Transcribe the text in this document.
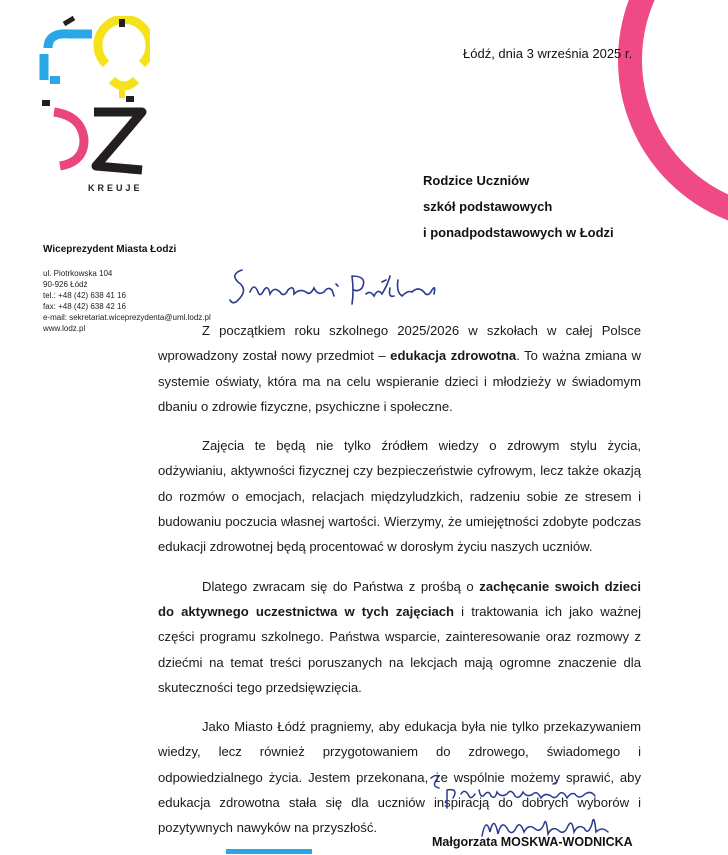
KREUJE
Łódź, dnia 3 września 2025 r.
Rodzice Uczniów
szkół podstawowych
i ponadpodstawowych w Łodzi
Wiceprezydent Miasta Łodzi
ul. Piotrkowska 104
90-926 Łódź
tel.: +48 (42) 638 41 16
fax: +48 (42) 638 42 16
e-mail: sekretariat.wiceprezydenta@uml.lodz.pl
www.lodz.pl	Z początkiem roku szkolnego 2025/2026 w szkołach w całej Polsce wprowadzony został nowy przedmiot – edukacja zdrowotna. To ważna zmiana w systemie oświaty, która ma na celu wspieranie dzieci i młodzieży w świadomym dbaniu o zdrowie fizyczne, psychiczne i społeczne.

Zajęcia te będą nie tylko źródłem wiedzy o zdrowym stylu życia, odżywianiu, aktywności fizycznej czy bezpieczeństwie cyfrowym, lecz także okazją do rozmów o emocjach, relacjach międzyludzkich, radzeniu sobie ze stresem i budowaniu poczucia własnej wartości. Wierzymy, że umiejętności zdobyte podczas edukacji zdrowotnej będą procentować w dorosłym życiu naszych uczniów.

Dlatego zwracam się do Państwa z prośbą o zachęcanie swoich dzieci do aktywnego uczestnictwa w tych zajęciach i traktowania ich jako ważnej części programu szkolnego. Państwa wsparcie, zainteresowanie oraz rozmowy z dziećmi na temat treści poruszanych na lekcjach mają ogromne znaczenie dla skuteczności tego przedsięwzięcia.

Jako Miasto Łódź pragniemy, aby edukacja była nie tylko przekazywaniem wiedzy, lecz również przygotowaniem do zdrowego, świadomego i odpowiedzialnego życia. Jestem przekonana, że wspólnie możemy sprawić, aby edukacja zdrowotna stała się dla uczniów inspiracją do dobrych wyborów i pozytywnych nawyków na przyszłość.

Małgorzata MOSKWA-WODNICKA
